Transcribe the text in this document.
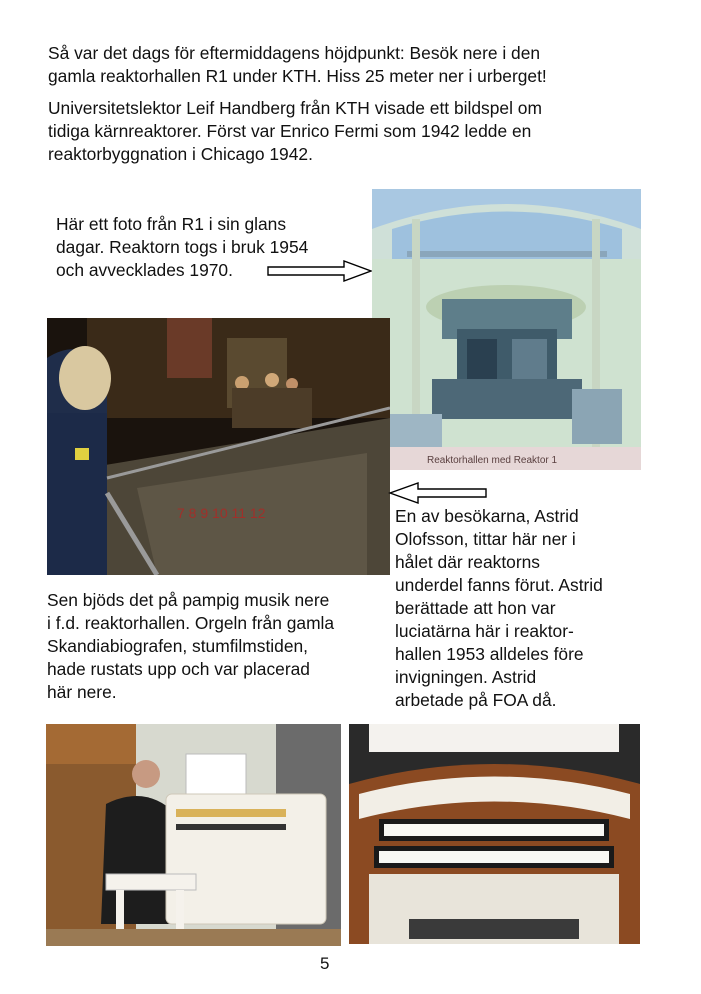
Så var det dags för eftermiddagens höjdpunkt: Besök nere i den
gamla reaktorhallen R1 under KTH. Hiss 25 meter ner i urberget!
Universitetslektor Leif Handberg från KTH visade ett bildspel om
tidiga kärnreaktorer. Först var Enrico Fermi som 1942 ledde en
reaktorbyggnation i Chicago 1942.
Här ett foto från R1 i sin glans
dagar. Reaktorn togs i bruk 1954
och avvecklades 1970.
Reaktorhallen med Reaktor 1
7 8 9 10 11 12	En av besökarna, Astrid
Olofsson, tittar här ner i
hålet där reaktorns
underdel fanns förut. Astrid
berättade att hon var
luciatärna här i reaktor-
hallen 1953 alldeles före
invigningen. Astrid
arbetade på FOA då.
Sen bjöds det på pampig musik nere
i f.d. reaktorhallen. Orgeln från gamla
Skandiabiografen, stumfilmstiden,
hade rustats upp och var placerad
här nere.
5
